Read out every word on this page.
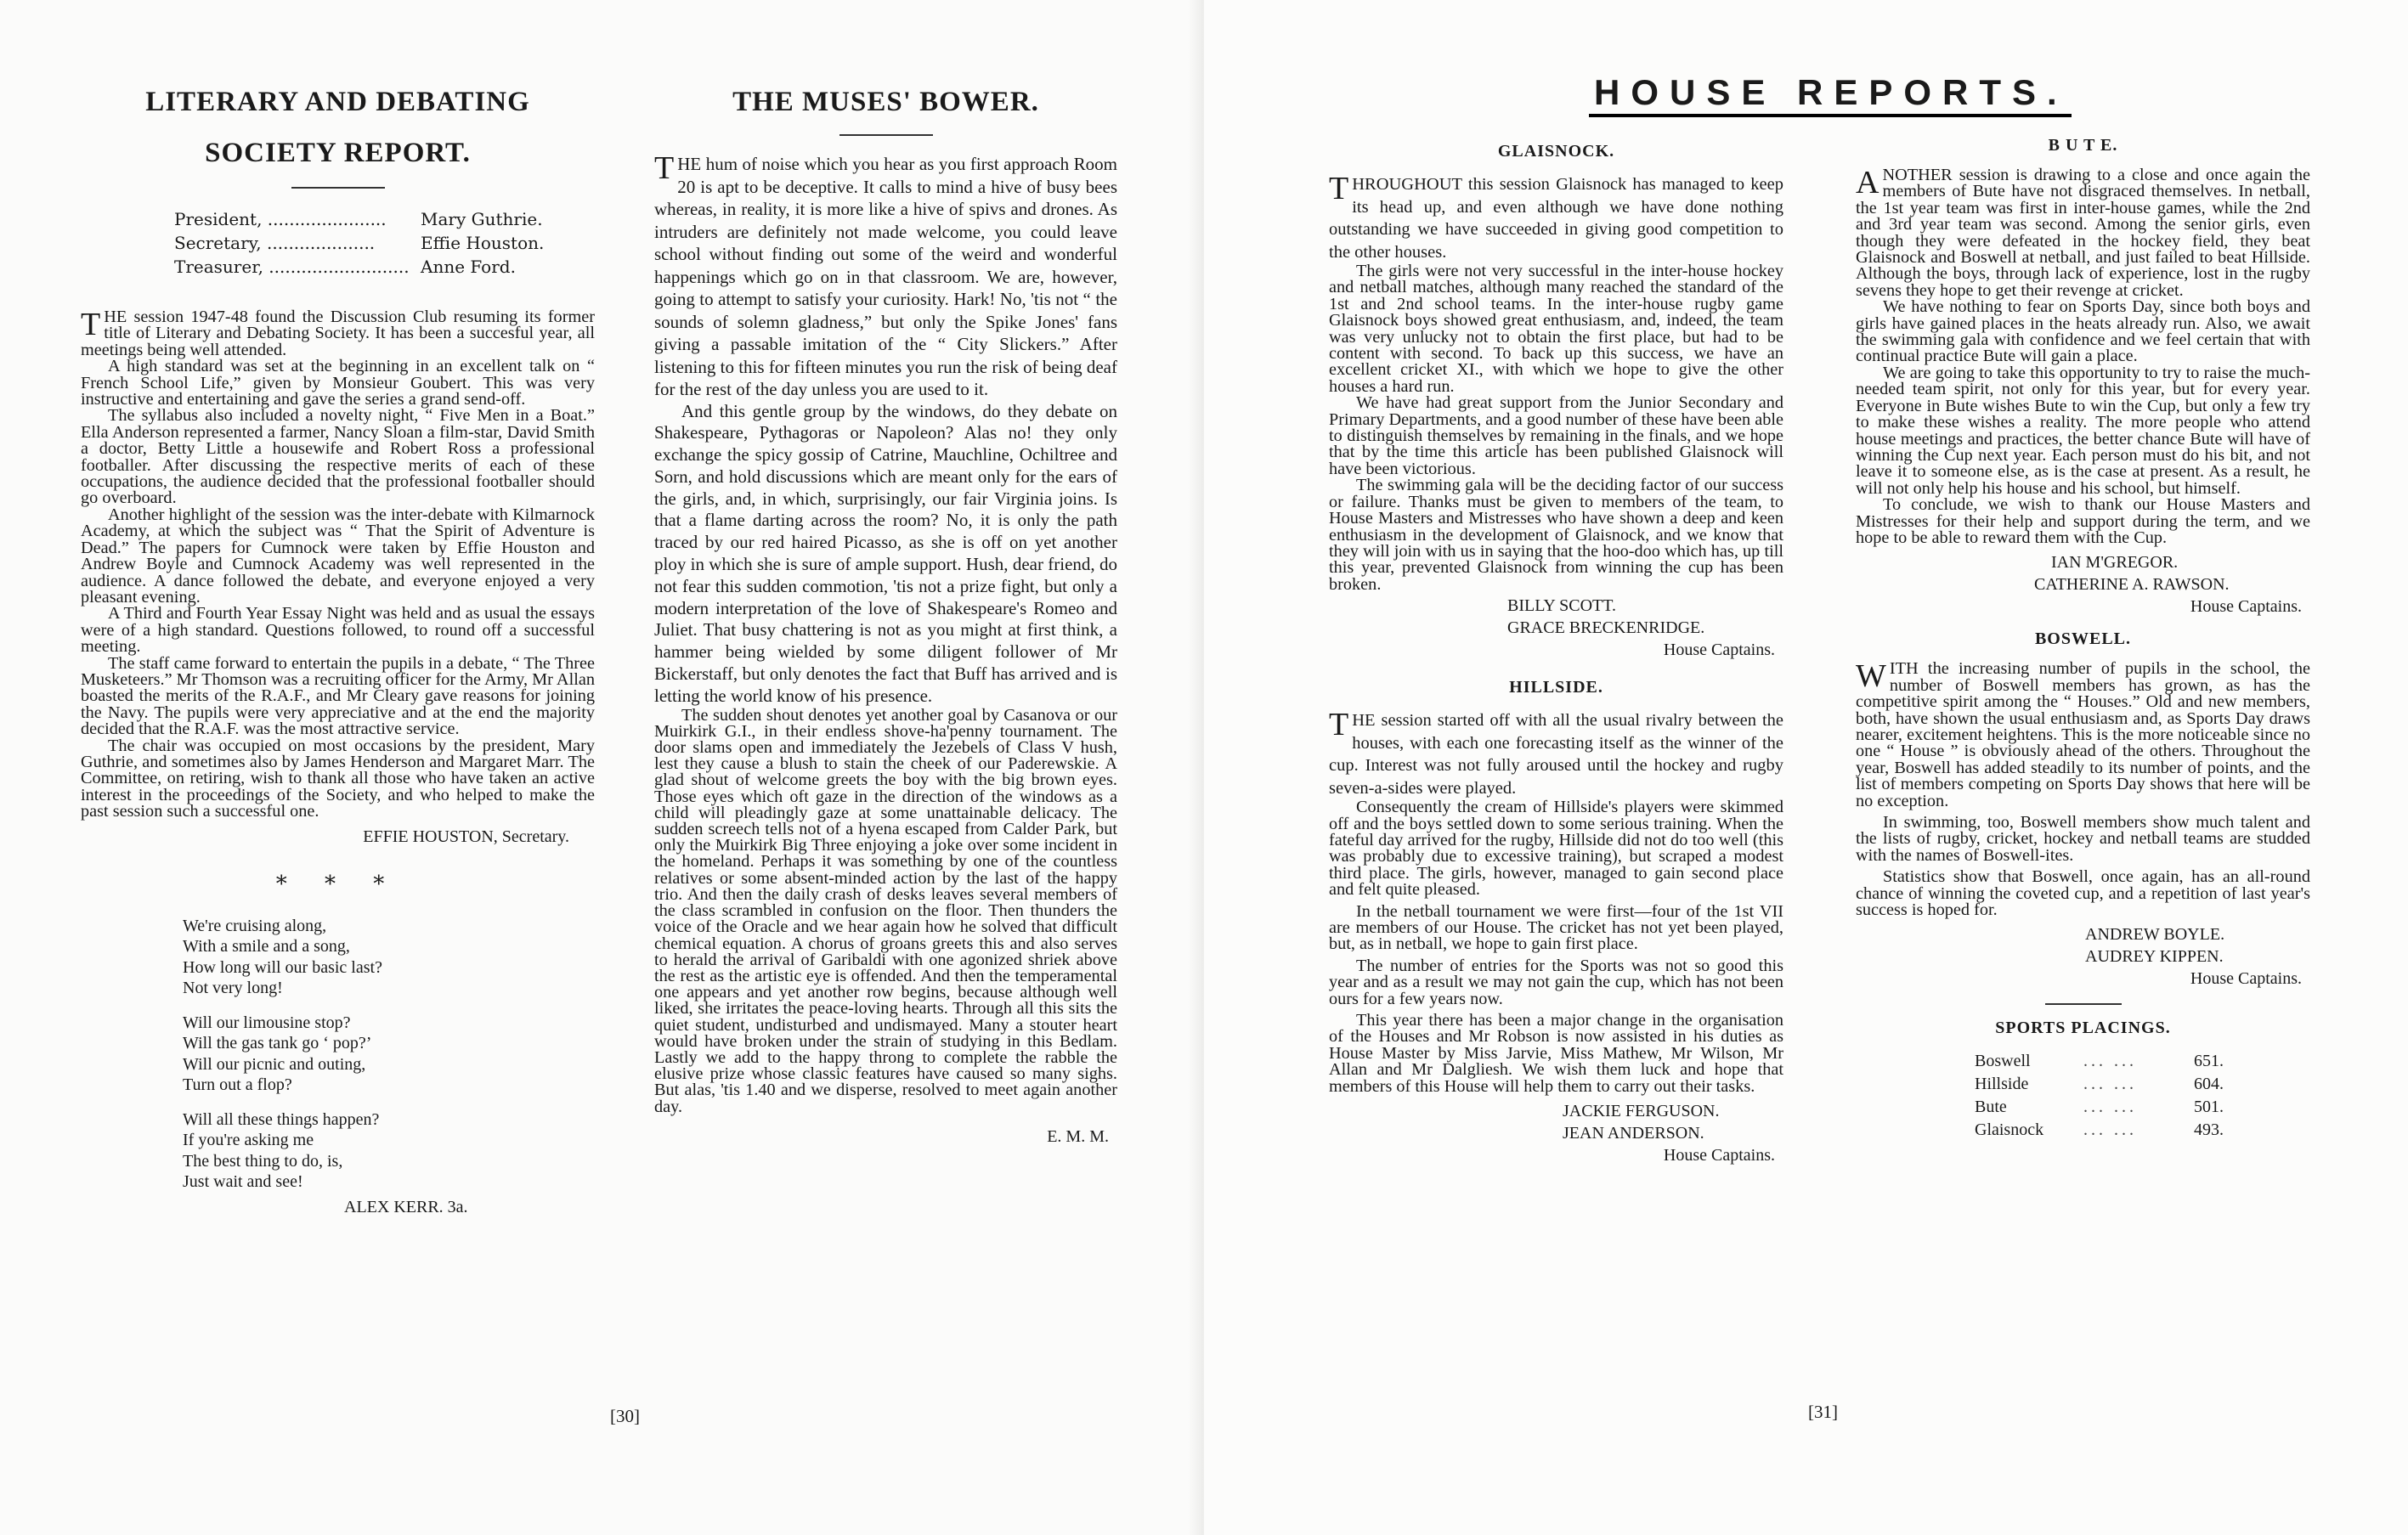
LITERARY AND DEBATING
SOCIETY REPORT.
President, ......................	Mary Guthrie.
Secretary, ....................	Effie Houston.
Treasurer, .......................... Anne Ford.

THE session 1947-48 found the Discussion Club resuming its former title of Literary and Debating Society. It has been a succesful year, all meetings being well attended.

A high standard was set at the beginning in an excellent talk on “ French School Life,” given by Monsieur Goubert. This was very instructive and entertaining and gave the series a grand send-off.

The syllabus also included a novelty night, “ Five Men in a Boat.” Ella Anderson represented a farmer, Nancy Sloan a film-star, David Smith a doctor, Betty Little a housewife and Robert Ross a professional footballer. After discussing the respective merits of each of these occupations, the audience decided that the professional footballer should go overboard.

Another highlight of the session was the inter-debate with Kilmarnock Academy, at which the subject was “ That the Spirit of Adventure is Dead.” The papers for Cumnock were taken by Effie Houston and Andrew Boyle and Cumnock Academy was well represented in the audience. A dance followed the debate, and everyone enjoyed a very pleasant evening.

A Third and Fourth Year Essay Night was held and as usual the essays were of a high standard. Questions followed, to round off a successful meeting.

The staff came forward to entertain the pupils in a debate, “ The Three Musketeers.” Mr Thomson was a recruiting officer for the Army, Mr Allan boasted the merits of the R.A.F., and Mr Cleary gave reasons for joining the Navy. The pupils were very appreciative and at the end the majority decided that the R.A.F. was the most attractive service.

The chair was occupied on most occasions by the president, Mary Guthrie, and sometimes also by James Henderson and Margaret Marr. The Committee, on retiring, wish to thank all those who have taken an active interest in the proceedings of the Society, and who helped to make the past session such a successful one.

EFFIE HOUSTON, Secretary.
* * *
We're cruising along,
With a smile and a song,
How long will our basic last?
Not very long!
Will our limousine stop?
Will the gas tank go ‘ pop?’
Will our picnic and outing,
Turn out a flop?
Will all these things happen?
If you're asking me
The best thing to do, is,
Just wait and see!
ALEX KERR. 3a.
THE MUSES' BOWER.

THE hum of noise which you hear as you first approach Room 20 is apt to be deceptive. It calls to mind a hive of busy bees whereas, in reality, it is more like a hive of spivs and drones. As intruders are definitely not made welcome, you could leave school without finding out some of the weird and wonderful happenings which go on in that classroom. We are, however, going to attempt to satisfy your curiosity. Hark! No, 'tis not “ the sounds of solemn gladness,” but only the Spike Jones' fans giving a passable imitation of the “ City Slickers.” After listening to this for fifteen minutes you run the risk of being deaf for the rest of the day unless you are used to it.

And this gentle group by the windows, do they debate on Shakespeare, Pythagoras or Napoleon? Alas no! they only exchange the spicy gossip of Catrine, Mauchline, Ochiltree and Sorn, and hold discussions which are meant only for the ears of the girls, and, in which, surprisingly, our fair Virginia joins. Is that a flame darting across the room? No, it is only the path traced by our red haired Picasso, as she is off on yet another ploy in which she is sure of ample support. Hush, dear friend, do not fear this sudden commotion, 'tis not a prize fight, but only a modern interpretation of the love of Shakespeare's Romeo and Juliet. That busy chattering is not as you might at first think, a hammer being wielded by some diligent follower of Mr Bickerstaff, but only denotes the fact that Buff has arrived and is letting the world know of his presence.

The sudden shout denotes yet another goal by Casanova or our Muirkirk G.I., in their endless shove-ha'penny tournament. The door slams open and immediately the Jezebels of Class V hush, lest they cause a blush to stain the cheek of our Paderewskie. A glad shout of welcome greets the boy with the big brown eyes. Those eyes which oft gaze in the direction of the windows as a child will pleadingly gaze at some unattainable delicacy. The sudden screech tells not of a hyena escaped from Calder Park, but only the Muirkirk Big Three enjoying a joke over some incident in the homeland. Perhaps it was something by one of the countless relatives or some absent-minded action by the last of the happy trio. And then the daily crash of desks leaves several members of the class scrambled in confusion on the floor. Then thunders the voice of the Oracle and we hear again how he solved that difficult chemical equation. A chorus of groans greets this and also serves to herald the arrival of Garibaldi with one agonized shriek above the rest as the artistic eye is offended. And then the temperamental one appears and yet another row begins, because although well liked, she irritates the peace-loving hearts. Through all this sits the quiet student, undisturbed and undismayed. Many a stouter heart would have broken under the strain of studying in this Bedlam. Lastly we add to the happy throng to complete the rabble the elusive prize whose classic features have caused so many sighs. But alas, 'tis 1.40 and we disperse, resolved to meet again another day.

E. M. M.
[30]
HOUSE REPORTS.
GLAISNOCK.

THROUGHOUT this session Glaisnock has managed to keep its head up, and even although we have done nothing outstanding we have succeeded in giving good competition to the other houses.

The girls were not very successful in the inter-house hockey and netball matches, although many reached the standard of the 1st and 2nd school teams. In the inter-house rugby game Glaisnock boys showed great enthusiasm, and, indeed, the team was very unlucky not to obtain the first place, but had to be content with second. To back up this success, we have an excellent cricket XI., with which we hope to give the other houses a hard run.

We have had great support from the Junior Secondary and Primary Departments, and a good number of these have been able to distinguish themselves by remaining in the finals, and we hope that by the time this article has been published Glaisnock will have been victorious.

The swimming gala will be the deciding factor of our success or failure. Thanks must be given to members of the team, to House Masters and Mistresses who have shown a deep and keen enthusiasm in the development of Glaisnock, and we know that they will join with us in saying that the hoo-doo which has, up till this year, prevented Glaisnock from winning the cup has been broken.

BILLY SCOTT.
GRACE BRECKENRIDGE.
House Captains.
HILLSIDE.

THE session started off with all the usual rivalry between the houses, with each one forecasting itself as the winner of the cup. Interest was not fully aroused until the hockey and rugby seven-a-sides were played.

Consequently the cream of Hillside's players were skimmed off and the boys settled down to some serious training. When the fateful day arrived for the rugby, Hillside did not do too well (this was probably due to excessive training), but scraped a modest third place. The girls, however, managed to gain second place and felt quite pleased.

In the netball tournament we were first—four of the 1st VII are members of our House. The cricket has not yet been played, but, as in netball, we hope to gain first place.

The number of entries for the Sports was not so good this year and as a result we may not gain the cup, which has not been ours for a few years now.

This year there has been a major change in the organisation of the Houses and Mr Robson is now assisted in his duties as House Master by Miss Jarvie, Miss Mathew, Mr Wilson, Mr Allan and Mr Dalgliesh. We wish them luck and hope that members of this House will help them to carry out their tasks.

JACKIE FERGUSON.
JEAN ANDERSON.
House Captains.
B U T E.

ANOTHER session is drawing to a close and once again the members of Bute have not disgraced themselves. In netball, the 1st year team was first in inter-house games, while the 2nd and 3rd year team was second. Among the senior girls, even though they were defeated in the hockey field, they beat Glaisnock and Boswell at netball, and just failed to beat Hillside. Although the boys, through lack of experience, lost in the rugby sevens they hope to get their revenge at cricket.

We have nothing to fear on Sports Day, since both boys and girls have gained places in the heats already run. Also, we await the swimming gala with confidence and we feel certain that with continual practice Bute will gain a place.

We are going to take this opportunity to try to raise the much-needed team spirit, not only for this year, but for every year. Everyone in Bute wishes Bute to win the Cup, but only a few try to make these wishes a reality. The more people who attend house meetings and practices, the better chance Bute will have of winning the Cup next year. Each person must do his bit, and not leave it to someone else, as is the case at present. As a result, he will not only help his house and his school, but himself.

To conclude, we wish to thank our House Masters and Mistresses for their help and support during the term, and we hope to be able to reward them with the Cup.

IAN M'GREGOR.
CATHERINE A. RAWSON.
House Captains.
BOSWELL.

WITH the increasing number of pupils in the school, the number of Boswell members has grown, as has the competitive spirit among the “ Houses.” Old and new members, both, have shown the usual enthusiasm and, as Sports Day draws nearer, excitement heightens. This is the more noticeable since no one “ House ” is obviously ahead of the others. Throughout the year, Boswell has added steadily to its number of points, and the list of members competing on Sports Day shows that here will be no exception.

In swimming, too, Boswell members show much talent and the lists of rugby, cricket, hockey and netball teams are studded with the names of Boswell-ites.

Statistics show that Boswell, once again, has an all-round chance of winning the coveted cup, and a repetition of last year's success is hoped for.

ANDREW BOYLE.
AUDREY KIPPEN.
House Captains.
SPORTS PLACINGS.
Boswell	... ...	651.
Hillside	... ...	604.
Bute	... ...	501.
Glaisnock	... ...	493.
[31]
